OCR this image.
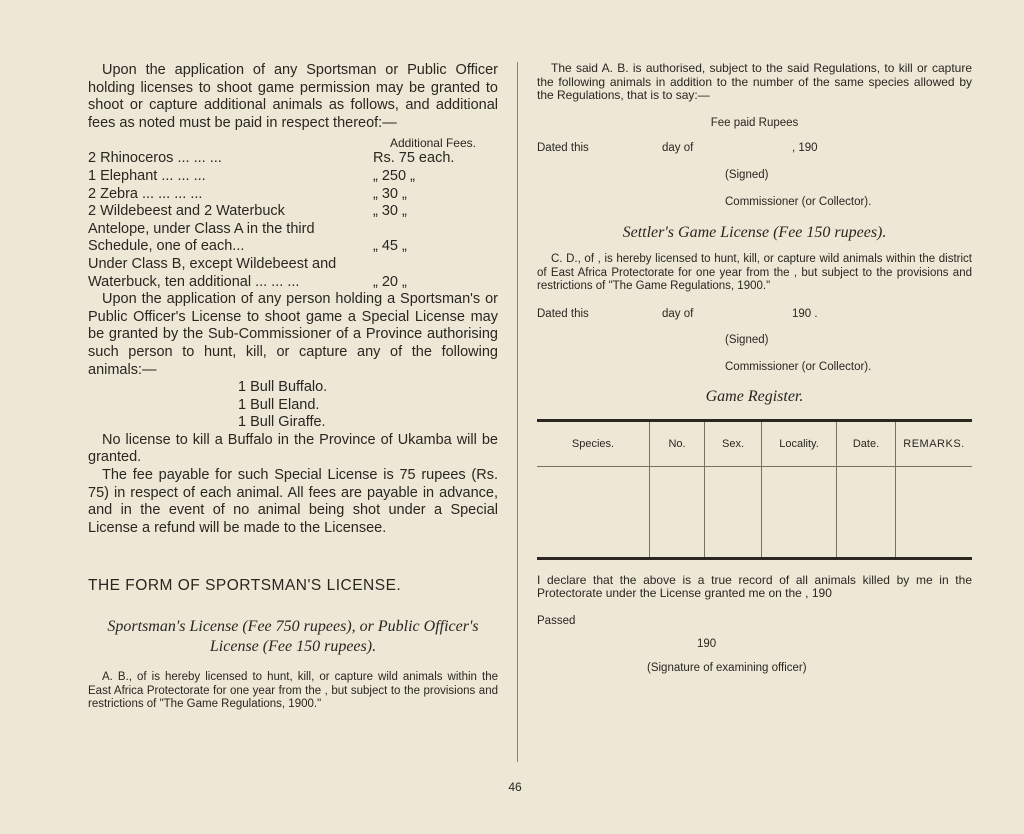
Upon the application of any Sportsman or Public Officer holding licenses to shoot game permission may be granted to shoot or capture additional animals as follows, and additional fees as noted must be paid in respect thereof:—

Additional Fees.
2 Rhinoceros ... ... ...	Rs. 75 each.
1 Elephant ... ... ...	„ 250 „
2 Zebra ... ... ... ...	„ 30 „
2 Wildebeest and 2 Waterbuck	„ 30 „
Antelope, under Class A in the third Schedule, one of each...	„ 45 „
Under Class B, except Wildebeest and Waterbuck, ten additional ... ... ...	„ 20 „

Upon the application of any person holding a Sportsman's or Public Officer's License to shoot game a Special License may be granted by the Sub-Commissioner of a Province authorising such person to hunt, kill, or capture any of the following animals:—

1 Bull Buffalo.
1 Bull Eland.
1 Bull Giraffe.

No license to kill a Buffalo in the Province of Ukamba will be granted.

The fee payable for such Special License is 75 rupees (Rs. 75) in respect of each animal. All fees are payable in advance, and in the event of no animal being shot under a Special License a refund will be made to the Licensee.

THE FORM OF SPORTSMAN'S LICENSE.
Sportsman's License (Fee 750 rupees), or Public Officer's
License (Fee 150 rupees).

A. B., of is hereby licensed to hunt, kill, or capture wild animals within the East Africa Protectorate for one year from the , but subject to the provisions and restrictions of "The Game Regulations, 1900."

The said A. B. is authorised, subject to the said Regulations, to kill or capture the following animals in addition to the number of the same species allowed by the Regulations, that is to say:—

Fee paid Rupees
Dated this	day of	, 190
(Signed)
Commissioner (or Collector).
Settler's Game License (Fee 150 rupees).

C. D., of , is hereby licensed to hunt, kill, or capture wild animals within the district of East Africa Protectorate for one year from the , but subject to the provisions and restrictions of "The Game Regulations, 1900."

Dated this	day of	190 .
(Signed)
Commissioner (or Collector).
Game Register.
Species.	No.	Sex.	Locality.	Date.	REMARKS.

I declare that the above is a true record of all animals killed by me in the Protectorate under the License granted me on the , 190

Passed
190
(Signature of examining officer)
46
